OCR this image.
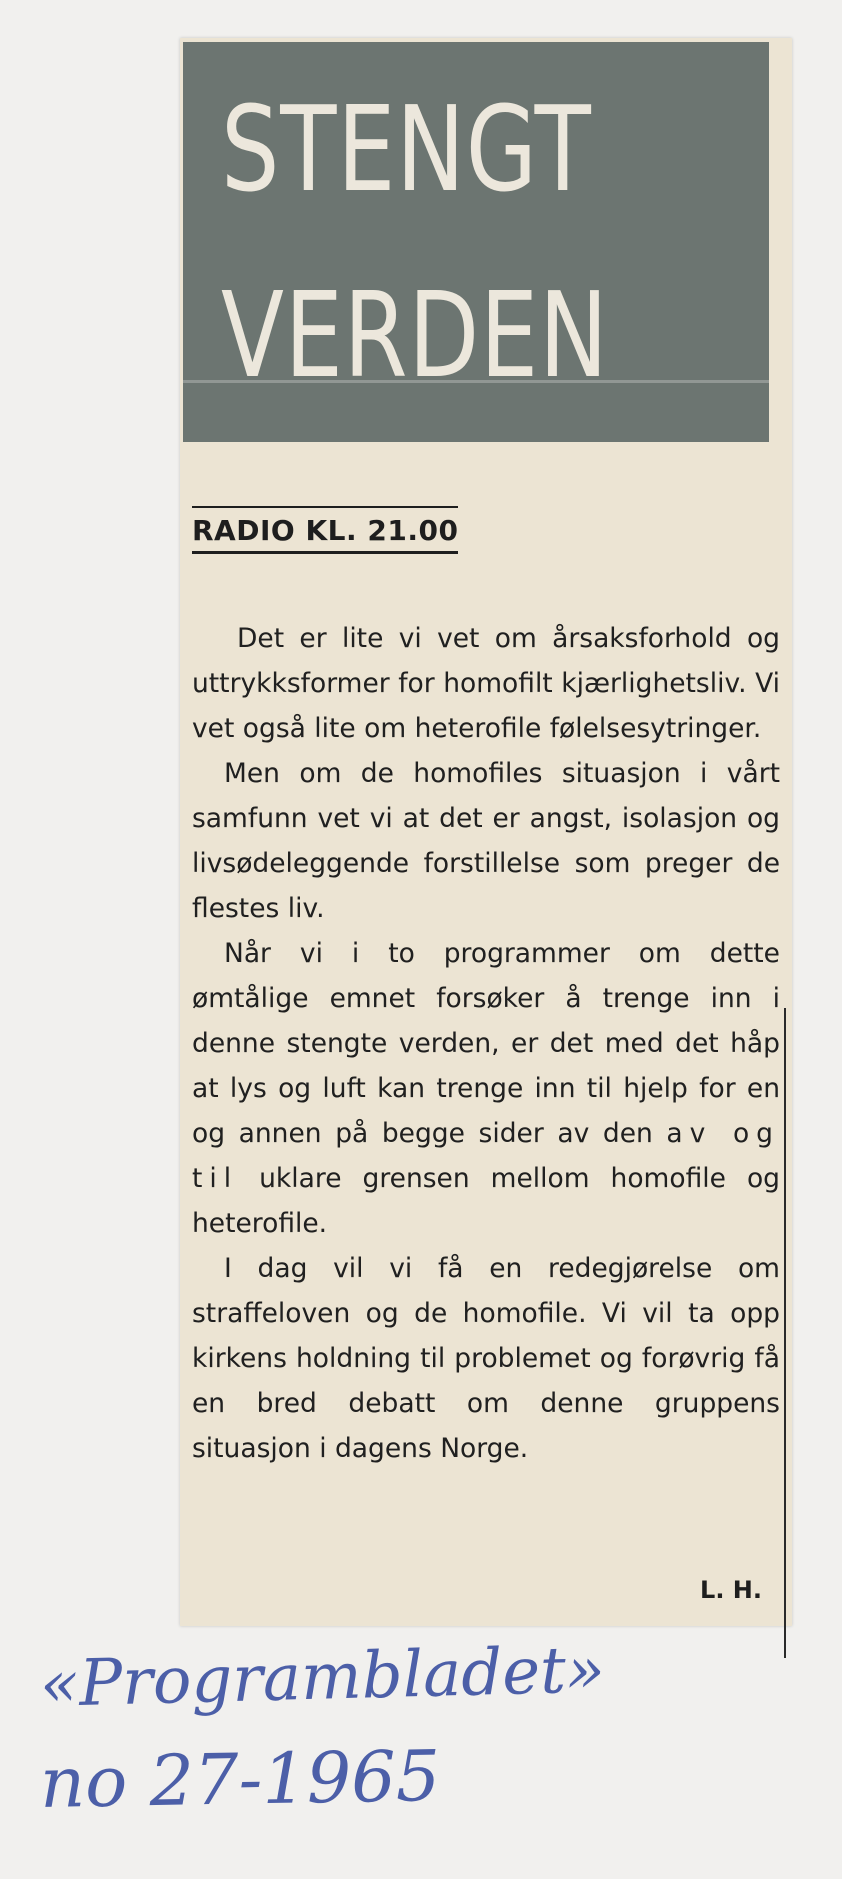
STENGT
VERDEN
RADIO KL. 21.00

Det er lite vi vet om årsaksforhold og uttrykksformer for homofilt kjærlighetsliv. Vi vet også lite om heterofile følelsesytringer.

Men om de homofiles situasjon i vårt samfunn vet vi at det er angst, isolasjon og livsødeleggende forstillelse som preger de flestes liv.

Når vi i to programmer om dette ømtålige emnet forsøker å trenge inn i denne stengte verden, er det med det håp at lys og luft kan trenge inn til hjelp for en og annen på begge sider av den av og til uklare grensen mellom homofile og heterofile.

I dag vil vi få en redegjørelse om straffeloven og de homofile. Vi vil ta opp kirkens holdning til problemet og forøvrig få en bred debatt om denne gruppens situasjon i dagens Norge.

L. H.
«Programbladet»
no 27-1965
